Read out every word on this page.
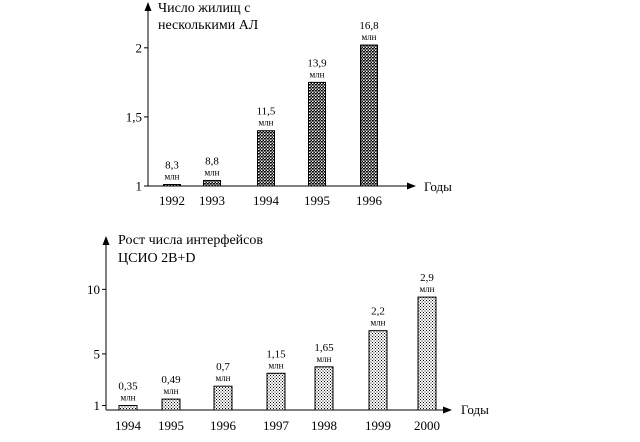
Число жилищ с
несколькими АЛ
Годы
1
1,5
2
1992 1993 1994 1995 1996
8,3
млн
8,8
млн
11,5
млн
13,9
млн
16,8
млн
Рост числа интерфейсов
ЦСИО 2В+D
Годы
1
5
10
1994 1995 1996 1997 1998 1999 2000
0,35
млн
0,49
млн
0,7
млн
1,15
млн
1,65
млн
2,2
млн
2,9
млн
